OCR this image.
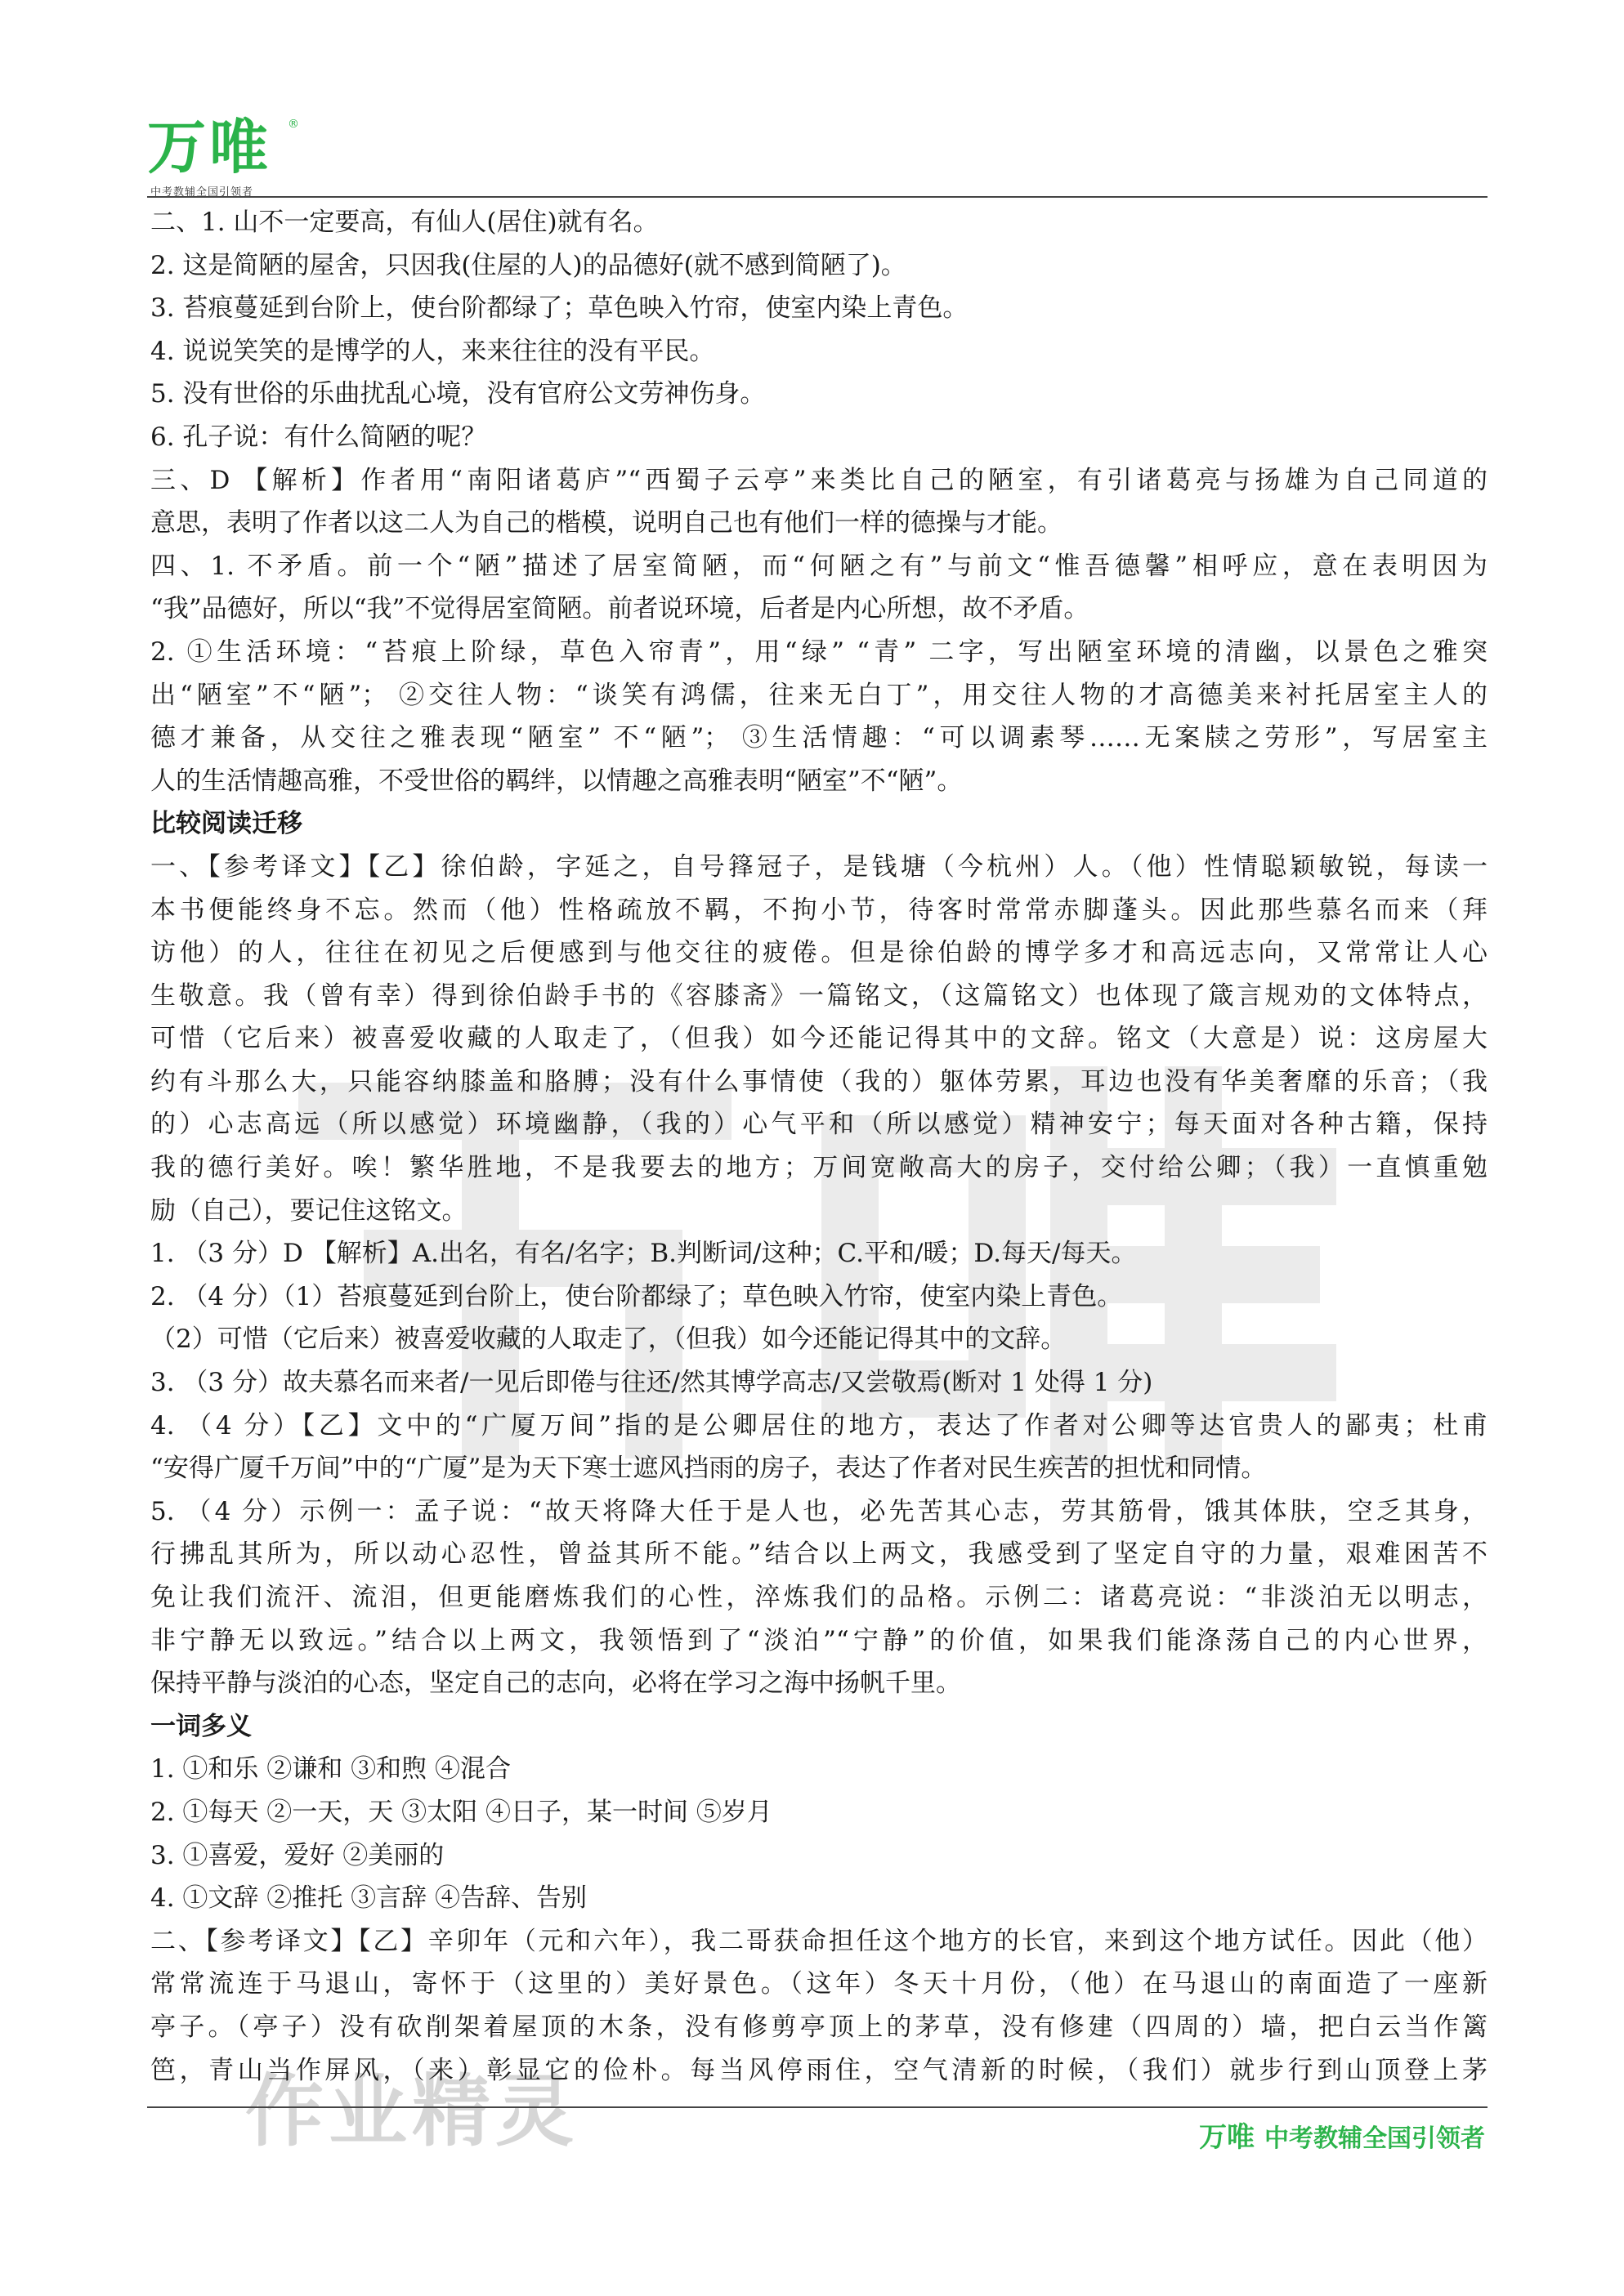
万唯 ®
中考教辅全国引领者
二、1. 山不一定要高，有仙人(居住)就有名。
2. 这是简陋的屋舍，只因我(住屋的人)的品德好(就不感到简陋了)。
3. 苔痕蔓延到台阶上，使台阶都绿了；草色映入竹帘，使室内染上青色。
4. 说说笑笑的是博学的人，来来往往的没有平民。
5. 没有世俗的乐曲扰乱心境，没有官府公文劳神伤身。
6. 孔子说：有什么简陋的呢？
三、D 【解析】作者用“南阳诸葛庐”“西蜀子云亭”来类比自己的陋室，有引诸葛亮与扬雄为自己同道的
意思，表明了作者以这二人为自己的楷模，说明自己也有他们一样的德操与才能。
四、1. 不矛盾。前一个“陋”描述了居室简陋，而“何陋之有”与前文“惟吾德馨”相呼应，意在表明因为
“我”品德好，所以“我”不觉得居室简陋。前者说环境，后者是内心所想，故不矛盾。
2. ①生活环境：“苔痕上阶绿，草色入帘青”，用“绿” “青” 二字，写出陋室环境的清幽，以景色之雅突
出“陋室”不“陋”； ②交往人物：“谈笑有鸿儒，往来无白丁”，用交往人物的才高德美来衬托居室主人的
德才兼备，从交往之雅表现“陋室” 不“陋”； ③生活情趣：“可以调素琴……无案牍之劳形”，写居室主
人的生活情趣高雅，不受世俗的羁绊，以情趣之高雅表明“陋室”不“陋”。
比较阅读迁移
一、【参考译文】【乙】徐伯龄，字延之，自号箨冠子，是钱塘（今杭州）人。（他）性情聪颖敏锐，每读一
本书便能终身不忘。然而（他）性格疏放不羁，不拘小节，待客时常常赤脚蓬头。因此那些慕名而来（拜
访他）的人，往往在初见之后便感到与他交往的疲倦。但是徐伯龄的博学多才和高远志向，又常常让人心
生敬意。我（曾有幸）得到徐伯龄手书的《容膝斋》一篇铭文，（这篇铭文）也体现了箴言规劝的文体特点，
可惜（它后来）被喜爱收藏的人取走了，（但我）如今还能记得其中的文辞。铭文（大意是）说：这房屋大
约有斗那么大，只能容纳膝盖和胳膊；没有什么事情使（我的）躯体劳累，耳边也没有华美奢靡的乐音；（我
的）心志高远（所以感觉）环境幽静，（我的）心气平和（所以感觉）精神安宁；每天面对各种古籍，保持
我的德行美好。唉！繁华胜地，不是我要去的地方；万间宽敞高大的房子，交付给公卿；（我）一直慎重勉
励（自己），要记住这铭文。
1. （3 分）D 【解析】A.出名，有名/名字；B.判断词/这种；C.平和/暖；D.每天/每天。
2. （4 分）（1）苔痕蔓延到台阶上，使台阶都绿了；草色映入竹帘，使室内染上青色。
（2）可惜（它后来）被喜爱收藏的人取走了，（但我）如今还能记得其中的文辞。
3. （3 分）故夫慕名而来者/一见后即倦与往还/然其博学高志/又尝敬焉(断对 1 处得 1 分)
4. （4 分）【乙】文中的“广厦万间”指的是公卿居住的地方，表达了作者对公卿等达官贵人的鄙夷；杜甫
“安得广厦千万间”中的“广厦”是为天下寒士遮风挡雨的房子，表达了作者对民生疾苦的担忧和同情。
5. （4 分）示例一：孟子说：“故天将降大任于是人也，必先苦其心志，劳其筋骨，饿其体肤，空乏其身，
行拂乱其所为，所以动心忍性，曾益其所不能。”结合以上两文，我感受到了坚定自守的力量，艰难困苦不
免让我们流汗、流泪，但更能磨炼我们的心性，淬炼我们的品格。示例二：诸葛亮说：“非淡泊无以明志，
非宁静无以致远。”结合以上两文，我领悟到了“淡泊”“宁静”的价值，如果我们能涤荡自己的内心世界，
保持平静与淡泊的心态，坚定自己的志向，必将在学习之海中扬帆千里。
一词多义
1. ①和乐 ②谦和 ③和煦 ④混合
2. ①每天 ②一天，天 ③太阳 ④日子，某一时间 ⑤岁月
3. ①喜爱，爱好 ②美丽的
4. ①文辞 ②推托 ③言辞 ④告辞、告别
二、【参考译文】【乙】辛卯年（元和六年），我二哥获命担任这个地方的长官，来到这个地方试任。因此（他）
常常流连于马退山，寄怀于（这里的）美好景色。（这年）冬天十月份，（他）在马退山的南面造了一座新
亭子。（亭子）没有砍削架着屋顶的木条，没有修剪亭顶上的茅草，没有修建（四周的）墙，把白云当作篱
笆，青山当作屏风，（来）彰显它的俭朴。每当风停雨住，空气清新的时候，（我们）就步行到山顶登上茅
作业精灵	万唯 中考教辅全国引领者
